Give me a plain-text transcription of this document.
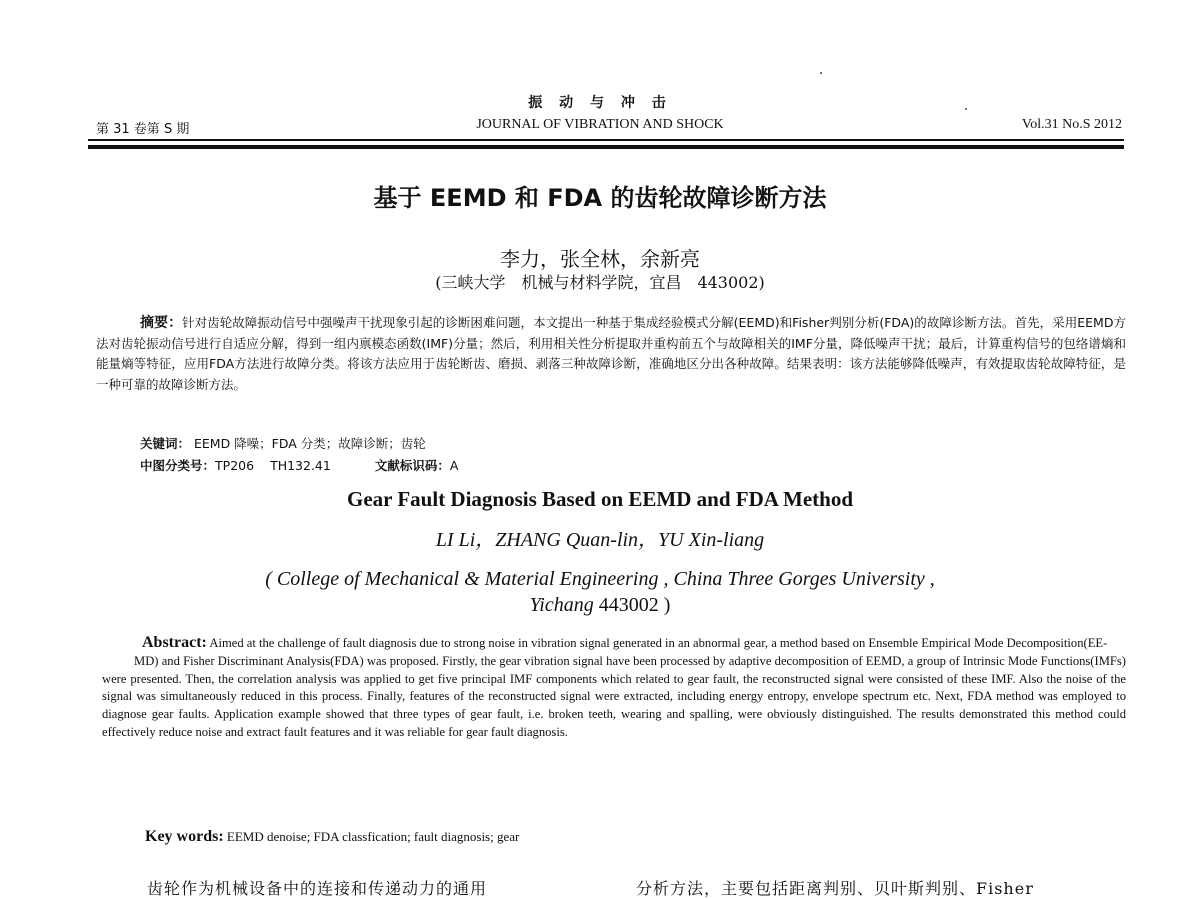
振 动 与 冲 击
第 31 卷第 S 期	JOURNAL OF VIBRATION AND SHOCK	Vol.31 No.S 2012
基于 EEMD 和 FDA 的齿轮故障诊断方法
李力，张全林，余新亮
(三峡大学　机械与材料学院，宜昌　443002)

摘要：针对齿轮故障振动信号中强噪声干扰现象引起的诊断困难问题，本文提出一种基于集成经验模式分解(EEMD)和Fisher判别分析(FDA)的故障诊断方法。首先，采用EEMD方法对齿轮振动信号进行自适应分解，得到一组内禀模态函数(IMF)分量；然后，利用相关性分析提取并重构前五个与故障相关的IMF分量，降低噪声干扰；最后，计算重构信号的包络谱熵和能量熵等特征，应用FDA方法进行故障分类。将该方法应用于齿轮断齿、磨损、剥落三种故障诊断，准确地区分出各种故障。结果表明：该方法能够降低噪声，有效提取齿轮故障特征，是一种可靠的故障诊断方法。

关键词： EEMD 降噪；FDA 分类；故障诊断；齿轮
中图分类号：TP206 TH132.41	文献标识码：A
Gear Fault Diagnosis Based on EEMD and FDA Method
LI Li，ZHANG Quan-lin，YU Xin-liang
( College of Mechanical & Material Engineering , China Three Gorges University ,
Yichang 443002 )

Abstract: Aimed at the challenge of fault diagnosis due to strong noise in vibration signal generated in an abnormal gear, a method based on Ensemble Empirical Mode Decomposition(EE-
MD) and Fisher Discriminant Analysis(FDA) was proposed. Firstly, the gear vibration signal have been processed by adaptive decomposition of EEMD, a group of Intrinsic Mode Functions(IMFs) were presented. Then, the correlation analysis was applied to get five principal IMF components which related to gear fault, the reconstructed signal were consisted of these IMF. Also the noise of the signal was simultaneously reduced in this process. Finally, features of the reconstructed signal were extracted, including energy entropy, envelope spectrum etc. Next, FDA method was employed to diagnose gear faults. Application example showed that three types of gear fault, i.e. broken teeth, wearing and spalling, were obviously distinguished. The results demonstrated this method could effectively reduce noise and extract fault features and it was reliable for gear fault diagnosis.

Key words: EEMD denoise; FDA classfication; fault diagnosis; gear
齿轮作为机械设备中的连接和传递动力的通用	分析方法，主要包括距离判别、贝叶斯判别、Fisher
